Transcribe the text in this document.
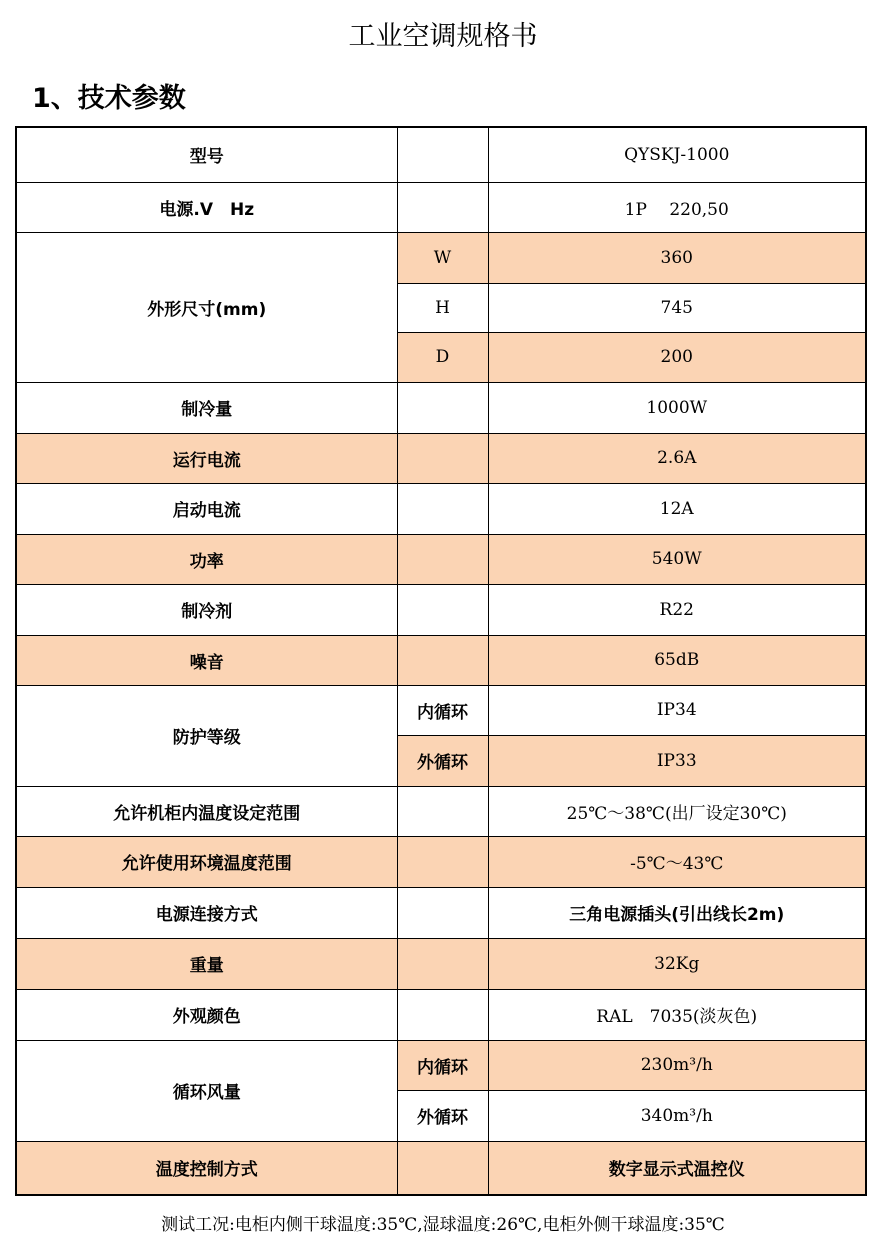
工业空调规格书
1、技术参数
型号		QYSKJ-1000
电源.V　Hz		1P　 220,50
外形尺寸(mm)	W	360
	H	745
	D	200
制冷量		1000W
运行电流		2.6A
启动电流		12A
功率		540W
制冷剂		R22
噪音		65dB
防护等级	内循环	IP34
	外循环	IP33
允许机柜内温度设定范围		25℃～38℃(出厂设定30℃)
允许使用环境温度范围		-5℃～43℃
电源连接方式		三角电源插头(引出线长2m)
重量		32Kg
外观颜色		RAL　7035(淡灰色)
循环风量	内循环	230m³/h
	外循环	340m³/h
温度控制方式		数字显示式温控仪
测试工况:电柜内侧干球温度:35℃,湿球温度:26℃,电柜外侧干球温度:35℃
